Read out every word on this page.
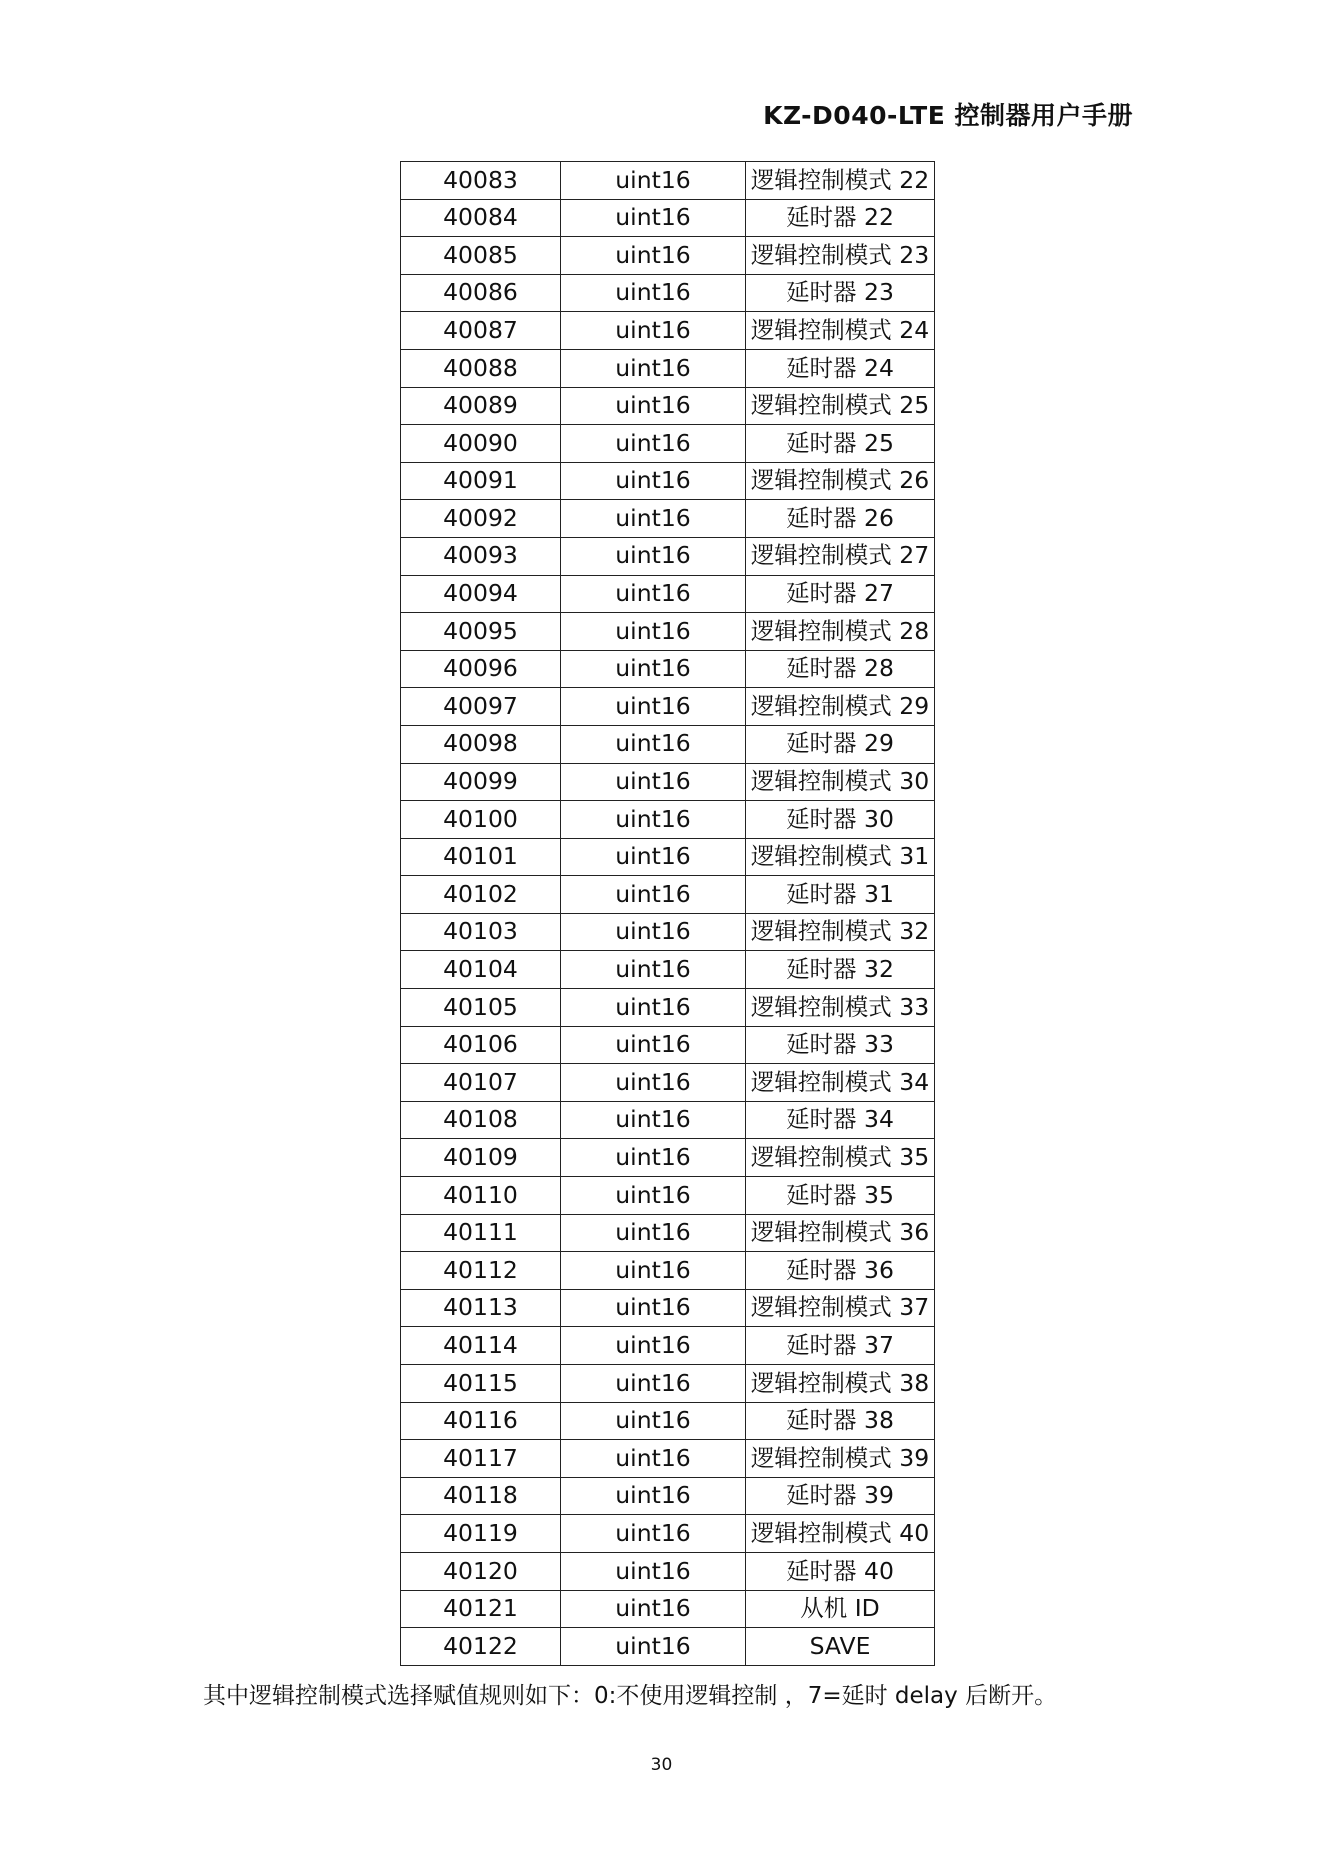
KZ-D040-LTE 控制器用户手册
40083	uint16	逻辑控制模式 22
40084	uint16	延时器 22
40085	uint16	逻辑控制模式 23
40086	uint16	延时器 23
40087	uint16	逻辑控制模式 24
40088	uint16	延时器 24
40089	uint16	逻辑控制模式 25
40090	uint16	延时器 25
40091	uint16	逻辑控制模式 26
40092	uint16	延时器 26
40093	uint16	逻辑控制模式 27
40094	uint16	延时器 27
40095	uint16	逻辑控制模式 28
40096	uint16	延时器 28
40097	uint16	逻辑控制模式 29
40098	uint16	延时器 29
40099	uint16	逻辑控制模式 30
40100	uint16	延时器 30
40101	uint16	逻辑控制模式 31
40102	uint16	延时器 31
40103	uint16	逻辑控制模式 32
40104	uint16	延时器 32
40105	uint16	逻辑控制模式 33
40106	uint16	延时器 33
40107	uint16	逻辑控制模式 34
40108	uint16	延时器 34
40109	uint16	逻辑控制模式 35
40110	uint16	延时器 35
40111	uint16	逻辑控制模式 36
40112	uint16	延时器 36
40113	uint16	逻辑控制模式 37
40114	uint16	延时器 37
40115	uint16	逻辑控制模式 38
40116	uint16	延时器 38
40117	uint16	逻辑控制模式 39
40118	uint16	延时器 39
40119	uint16	逻辑控制模式 40
40120	uint16	延时器 40
40121	uint16	从机 ID
40122	uint16	SAVE
其中逻辑控制模式选择赋值规则如下：0:不使用逻辑控制 ，7=延时 delay 后断开。
30
